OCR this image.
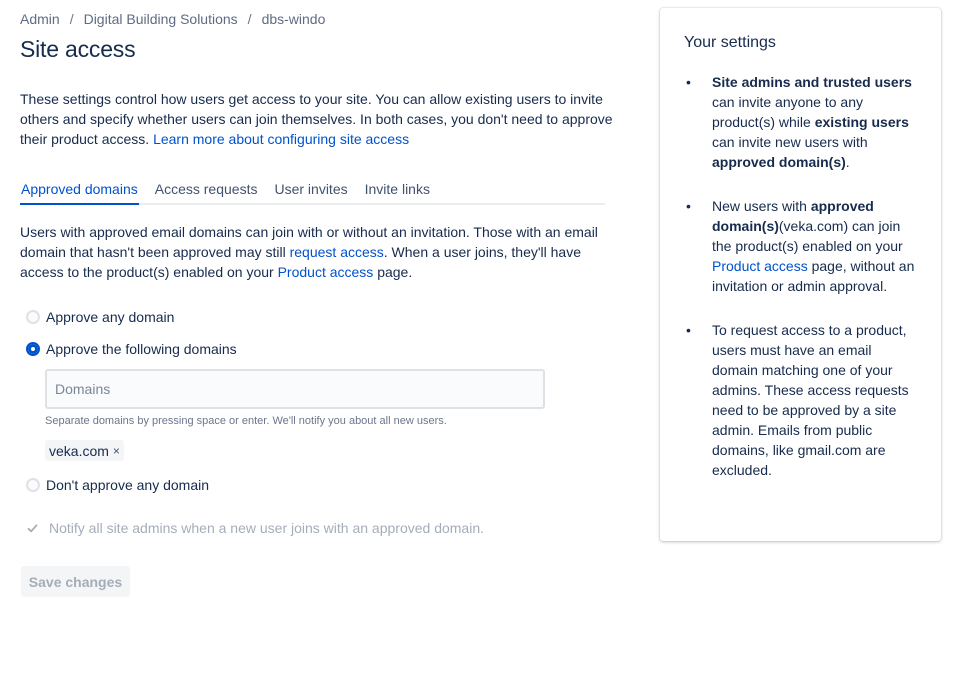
Admin / Digital Building Solutions / dbs-windo
Site access

These settings control how users get access to your site. You can allow existing users to invite others and specify whether users can join themselves. In both cases, you don't need to approve their product access. Learn more about configuring site access

Approved domains Access requests User invites Invite links

Users with approved email domains can join with or without an invitation. Those with an email domain that hasn't been approved may still request access. When a user joins, they'll have access to the product(s) enabled on your Product access page.

Approve any domain
Approve the following domains
Domains
Separate domains by pressing space or enter. We'll notify you about all new users.
veka.com ×
Don't approve any domain
Notify all site admins when a new user joins with an approved domain.
Save changes
Your settings
• Site admins and trusted users can invite anyone to any product(s) while existing users can invite new users with approved domain(s).
• New users with approved domain(s)(veka.com) can join the product(s) enabled on your Product access page, without an invitation or admin approval.
• To request access to a product, users must have an email domain matching one of your admins. These access requests need to be approved by a site admin. Emails from public domains, like gmail.com are excluded.
